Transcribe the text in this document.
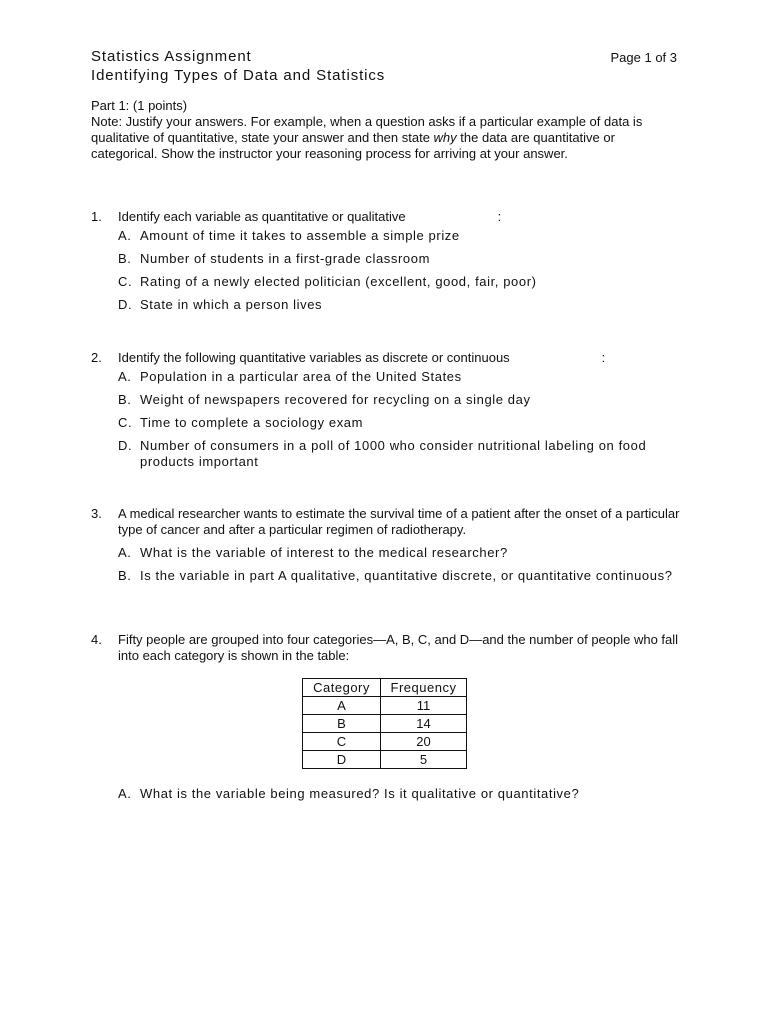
Statistics Assignment
Identifying Types of Data and Statistics
Page 1 of 3

Part 1: (1 points)

Note: Justify your answers. For example, when a question asks if a particular example of data is qualitative of quantitative, state your answer and then state why the data are quantitative or categorical. Show the instructor your reasoning process for arriving at your answer.

1.	Identify each variable as quantitative or qualitative	:
A. Amount of time it takes to assemble a simple prize
B. Number of students in a first-grade classroom
C. Rating of a newly elected politician (excellent, good, fair, poor)
D. State in which a person lives
2.	Identify the following quantitative variables as discrete or continuous	:
A. Population in a particular area of the United States
B. Weight of newspapers recovered for recycling on a single day
C. Time to complete a sociology exam
D. Number of consumers in a poll of 1000 who consider nutritional labeling on food products important
3.	A medical researcher wants to estimate the survival time of a patient after the onset of a particular type of cancer and after a particular regimen of radiotherapy.
A. What is the variable of interest to the medical researcher?
B. Is the variable in part A qualitative, quantitative discrete, or quantitative continuous?
4.	Fifty people are grouped into four categories—A, B, C, and D—and the number of people who fall into each category is shown in the table:
Category	Frequency
A	11
B	14
C	20
D	5
A. What is the variable being measured? Is it qualitative or quantitative?
